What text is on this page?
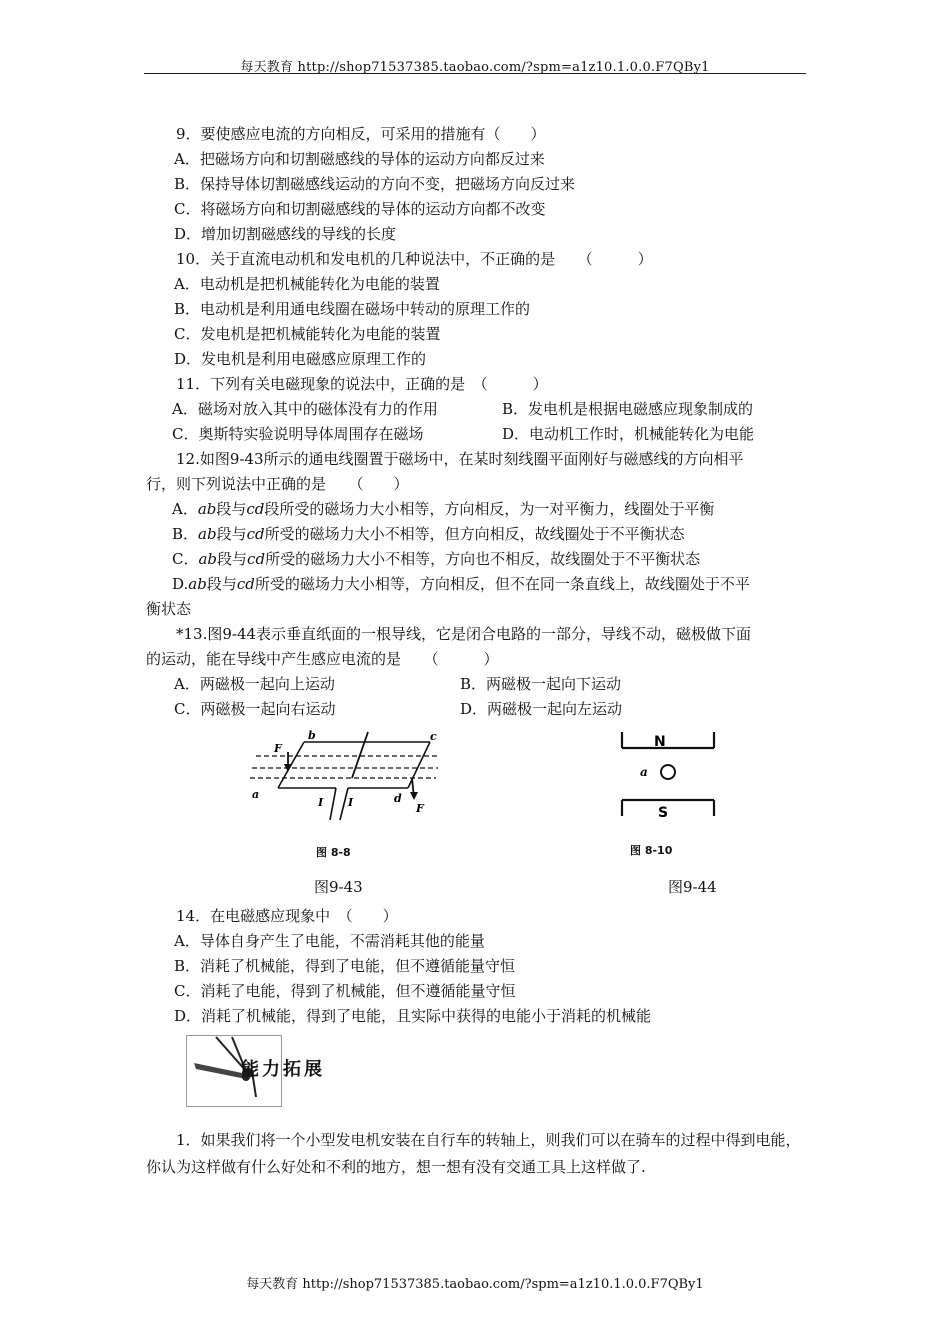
每天教育 http://shop71537385.taobao.com/?spm=a1z10.1.0.0.F7QBy1
9．要使感应电流的方向相反，可采用的措施有（　　）
A．把磁场方向和切割磁感线的导体的运动方向都反过来
B．保持导体切割磁感线运动的方向不变，把磁场方向反过来
C．将磁场方向和切割磁感线的导体的运动方向都不改变
D．增加切割磁感线的导线的长度
10．关于直流电动机和发电机的几种说法中，不正确的是　　（　　　）
A．电动机是把机械能转化为电能的装置
B．电动机是利用通电线圈在磁场中转动的原理工作的
C．发电机是把机械能转化为电能的装置
D．发电机是利用电磁感应原理工作的
11．下列有关电磁现象的说法中，正确的是　（　　　）
A．磁场对放入其中的磁体没有力的作用	B．发电机是根据电磁感应现象制成的
C．奥斯特实验说明导体周围存在磁场	D．电动机工作时，机械能转化为电能
12.如图9-43所示的通电线圈置于磁场中，在某时刻线圈平面刚好与磁感线的方向相平
行，则下列说法中正确的是　　（　　）
A．ab段与cd段所受的磁场力大小相等，方向相反，为一对平衡力，线圈处于平衡
B．ab段与cd所受的磁场力大小不相等，但方向相反，故线圈处于不平衡状态
C．ab段与cd所受的磁场力大小不相等，方向也不相反，故线圈处于不平衡状态
D.ab段与cd所受的磁场力大小相等，方向相反，但不在同一条直线上，故线圈处于不平
衡状态
*13.图9-44表示垂直纸面的一根导线，它是闭合电路的一部分，导线不动，磁极做下面
的运动，能在导线中产生感应电流的是　　（　　　）
A．两磁极一起向上运动	B．两磁极一起向下运动
C．两磁极一起向右运动	D．两磁极一起向左运动
b	c
a	d
F
F
I I
图 8-8
图9-43
N
S
a
图 8-10
图9-44
14．在电磁感应现象中　（　　）
A．导体自身产生了电能，不需消耗其他的能量
B．消耗了机械能，得到了电能，但不遵循能量守恒
C．消耗了电能，得到了机械能，但不遵循能量守恒
D．消耗了机械能，得到了电能，且实际中获得的电能小于消耗的机械能
能力拓展
1．如果我们将一个小型发电机安装在自行车的转轴上，则我们可以在骑车的过程中得到电能，你认为这样做有什么好处和不利的地方，想一想有没有交通工具上这样做了.
每天教育 http://shop71537385.taobao.com/?spm=a1z10.1.0.0.F7QBy1
